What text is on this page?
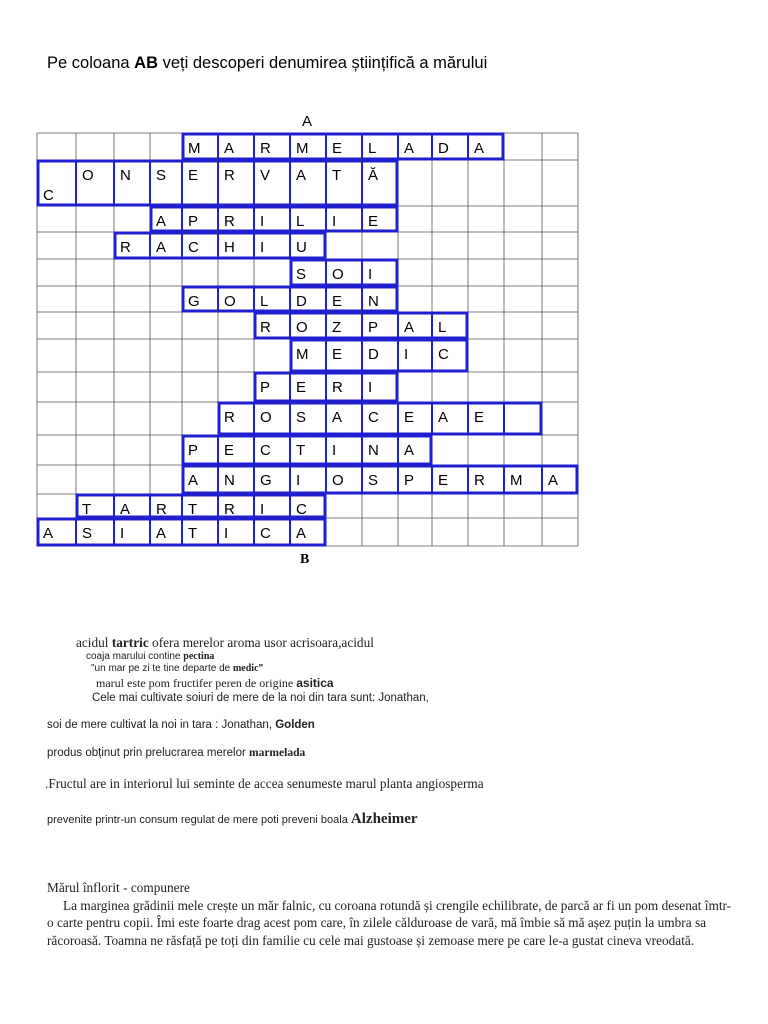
Pe coloana AB veți descoperi denumirea științifică a mărului
A
M A R M E L A D A
C
O N S E R V A T Ă
A P R I L I E
R A C H I U
S O I
G O L D E N
R O Z P A L
M E D I C
P E R I
R O S A C E A E
P E C T I N A
A N G I O S P E R M A
T A R T R I C
A S I A T I C A
B
acidul tartric ofera merelor aroma usor acrisoara,acidul
coaja marului contine pectina
"un mar pe zi te tine departe de medic"
marul este pom fructifer peren de origine asitica
Cele mai cultivate soiuri de mere de la noi din tara sunt: Jonathan,
soi de mere cultivat la noi in tara : Jonathan, Golden
produs obținut prin prelucrarea merelor marmelada
.Fructul are in interiorul lui seminte de accea senumeste marul planta angiosperma
prevenite printr-un consum regulat de mere poti preveni boala Alzheimer
Mărul înflorit - compunere

La marginea grădinii mele crește un măr falnic, cu coroana rotundă și crengile echilibrate, de parcă ar fi un pom desenat îmtr-o carte pentru copii. Îmi este foarte drag acest pom care, în zilele călduroase de vară, mă îmbie să mă așez puțin la umbra sa răcoroasă. Toamna ne răsfață pe toți din familie cu cele mai gustoase și zemoase mere pe care le-a gustat cineva vreodată.
